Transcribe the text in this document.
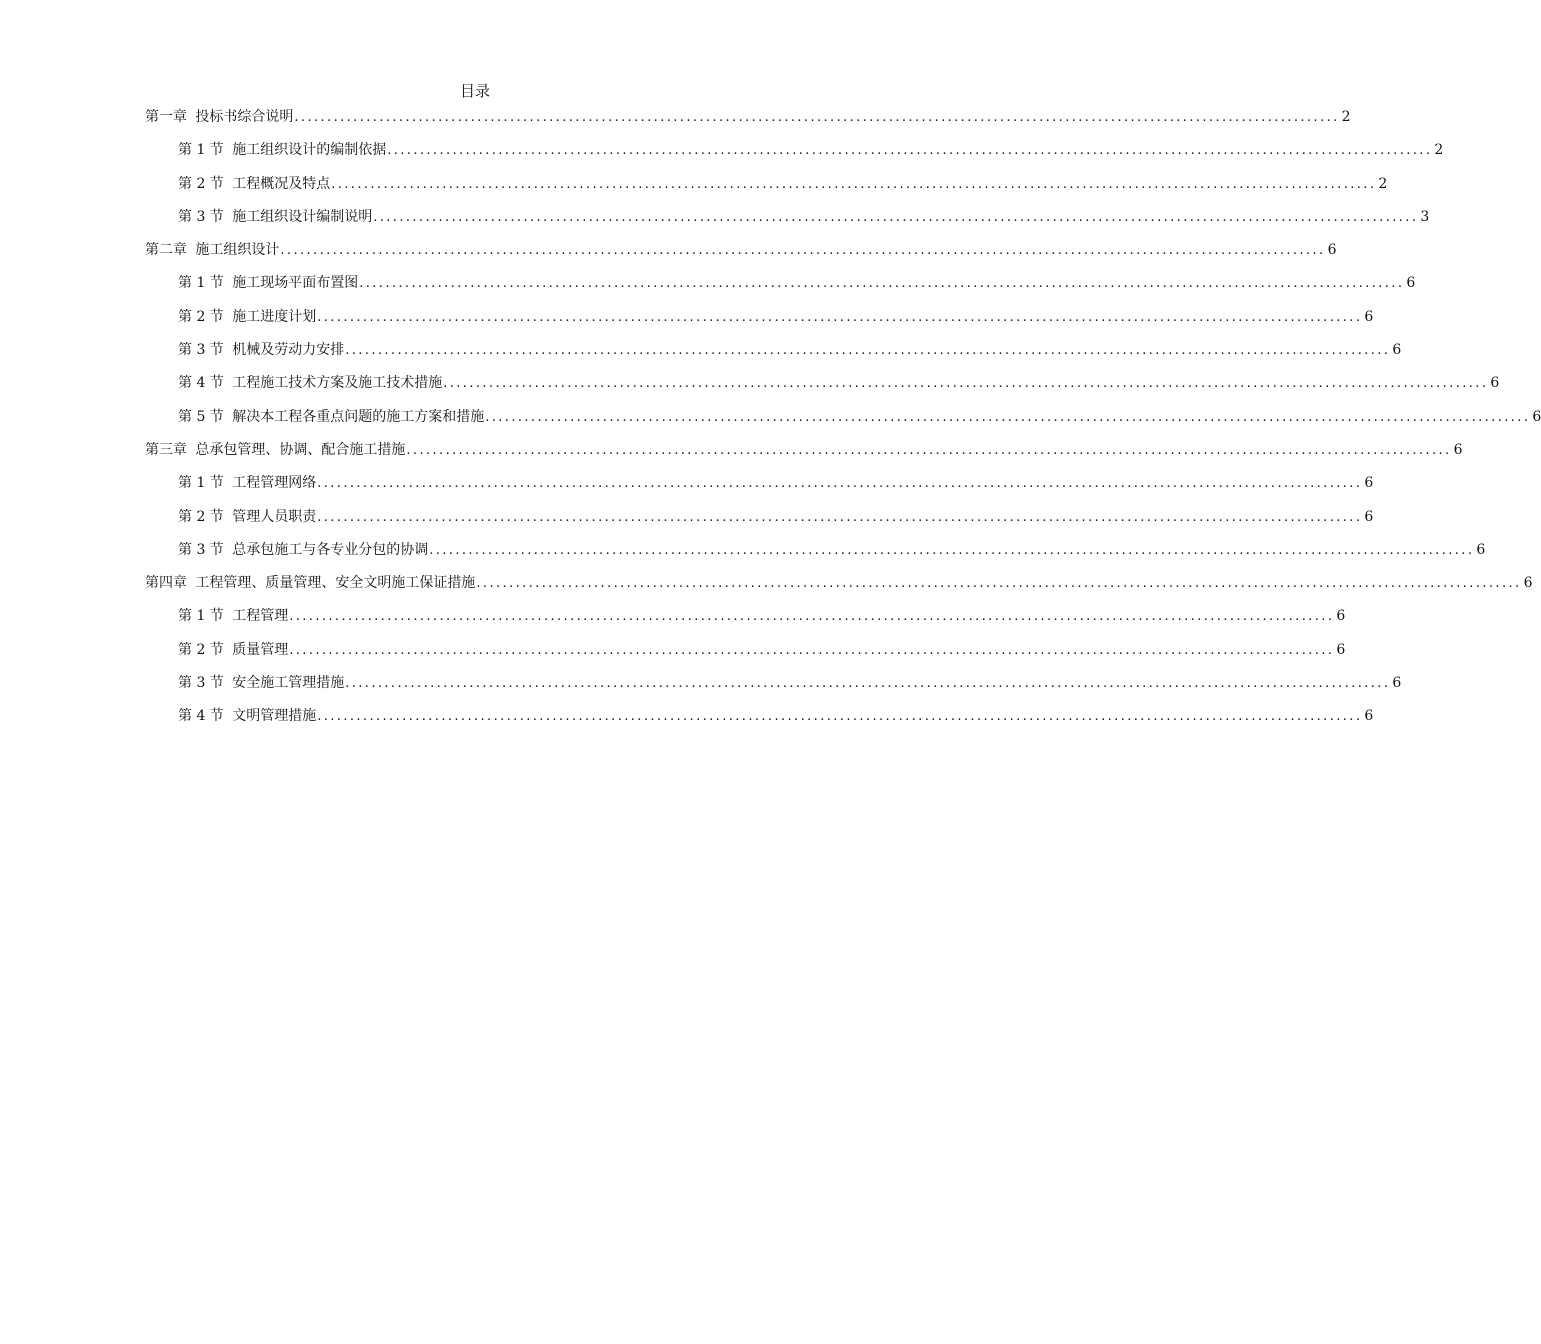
目录
第一章 投标书综合说明 ................................................................................................................................................................ 2
第 1 节 施工组织设计的编制依据 ................................................................................................................................................................ 2
第 2 节 工程概况及特点 ................................................................................................................................................................ 2
第 3 节 施工组织设计编制说明 ................................................................................................................................................................ 3
第二章 施工组织设计 ................................................................................................................................................................ 6
第 1 节 施工现场平面布置图 ................................................................................................................................................................ 6
第 2 节 施工进度计划 ................................................................................................................................................................ 6
第 3 节 机械及劳动力安排 ................................................................................................................................................................ 6
第 4 节 工程施工技术方案及施工技术措施 ................................................................................................................................................................ 6
第 5 节 解决本工程各重点问题的施工方案和措施 ................................................................................................................................................................ 6
第三章 总承包管理、协调、配合施工措施 ................................................................................................................................................................ 6
第 1 节 工程管理网络 ................................................................................................................................................................ 6
第 2 节 管理人员职责 ................................................................................................................................................................ 6
第 3 节 总承包施工与各专业分包的协调 ................................................................................................................................................................ 6
第四章 工程管理、质量管理、安全文明施工保证措施 ................................................................................................................................................................ 6
第 1 节 工程管理 ................................................................................................................................................................ 6
第 2 节 质量管理 ................................................................................................................................................................ 6
第 3 节 安全施工管理措施 ................................................................................................................................................................ 6
第 4 节 文明管理措施 ................................................................................................................................................................ 6
